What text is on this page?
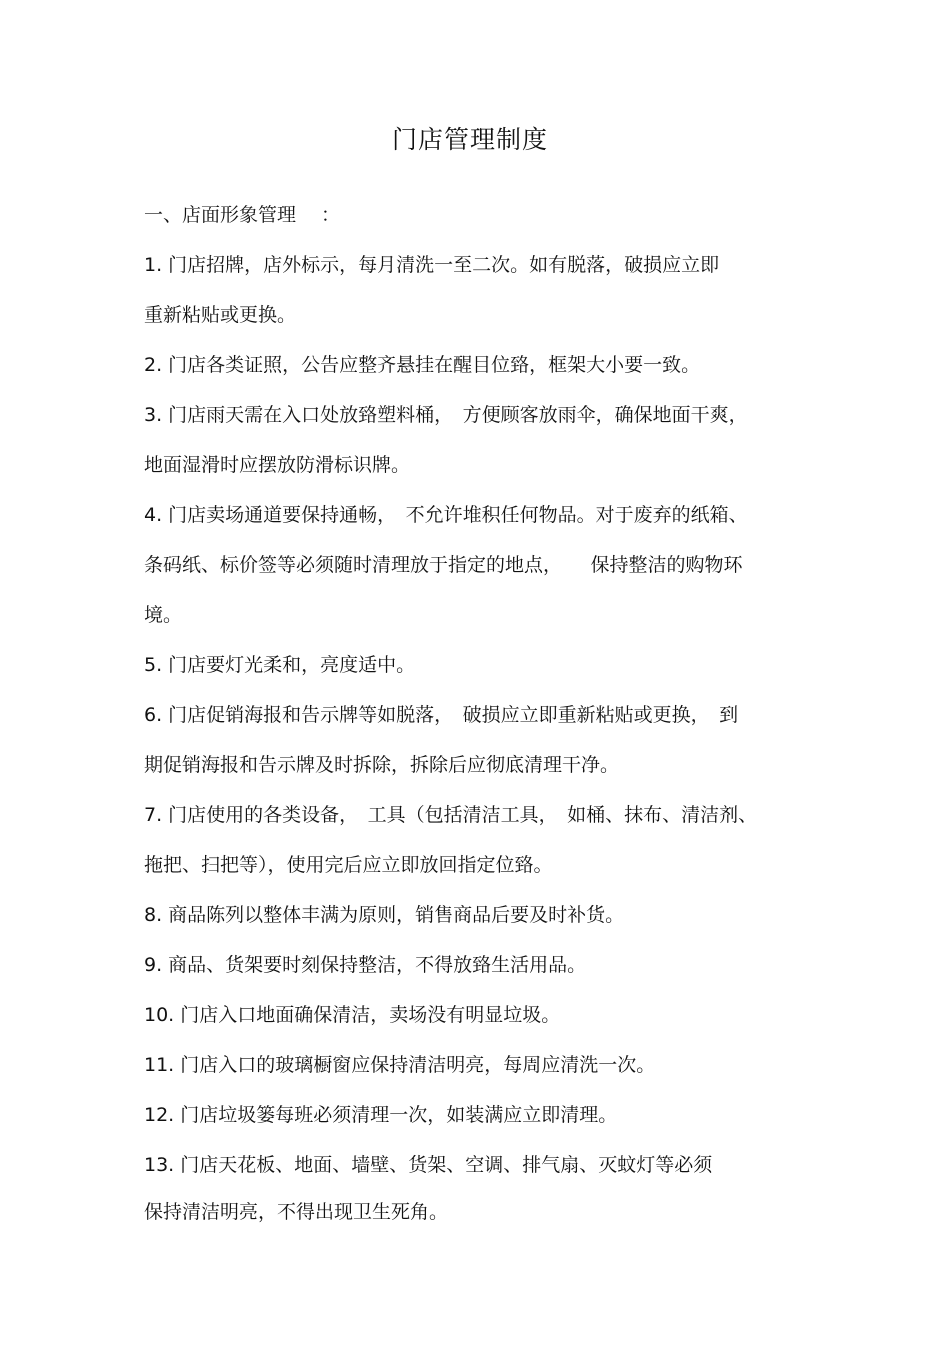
门店管理制度
一、店面形象管理　 ：
1. 门店招牌，店外标示，每月清洗一至二次。如有脱落，破损应立即
重新粘贴或更换。
2. 门店各类证照，公告应整齐悬挂在醒目位臵，框架大小要一致。
3. 门店雨天需在入口处放臵塑料桶，　方便顾客放雨伞，确保地面干爽，
地面湿滑时应摆放防滑标识牌。
4. 门店卖场通道要保持通畅，　不允许堆积任何物品。对于废弃的纸箱、
条码纸、标价签等必须随时清理放于指定的地点，　　保持整洁的购物环
境。
5. 门店要灯光柔和，亮度适中。
6. 门店促销海报和告示牌等如脱落，　破损应立即重新粘贴或更换，　到
期促销海报和告示牌及时拆除，拆除后应彻底清理干净。
7. 门店使用的各类设备，　工具（包括清洁工具，　如桶、抹布、清洁剂、
拖把、扫把等），使用完后应立即放回指定位臵。
8. 商品陈列以整体丰满为原则，销售商品后要及时补货。
9. 商品、货架要时刻保持整洁，不得放臵生活用品。
10. 门店入口地面确保清洁，卖场没有明显垃圾。
11. 门店入口的玻璃橱窗应保持清洁明亮，每周应清洗一次。
12. 门店垃圾篓每班必须清理一次，如装满应立即清理。
13. 门店天花板、地面、墙壁、货架、空调、排气扇、灭蚊灯等必须
保持清洁明亮，不得出现卫生死角。
